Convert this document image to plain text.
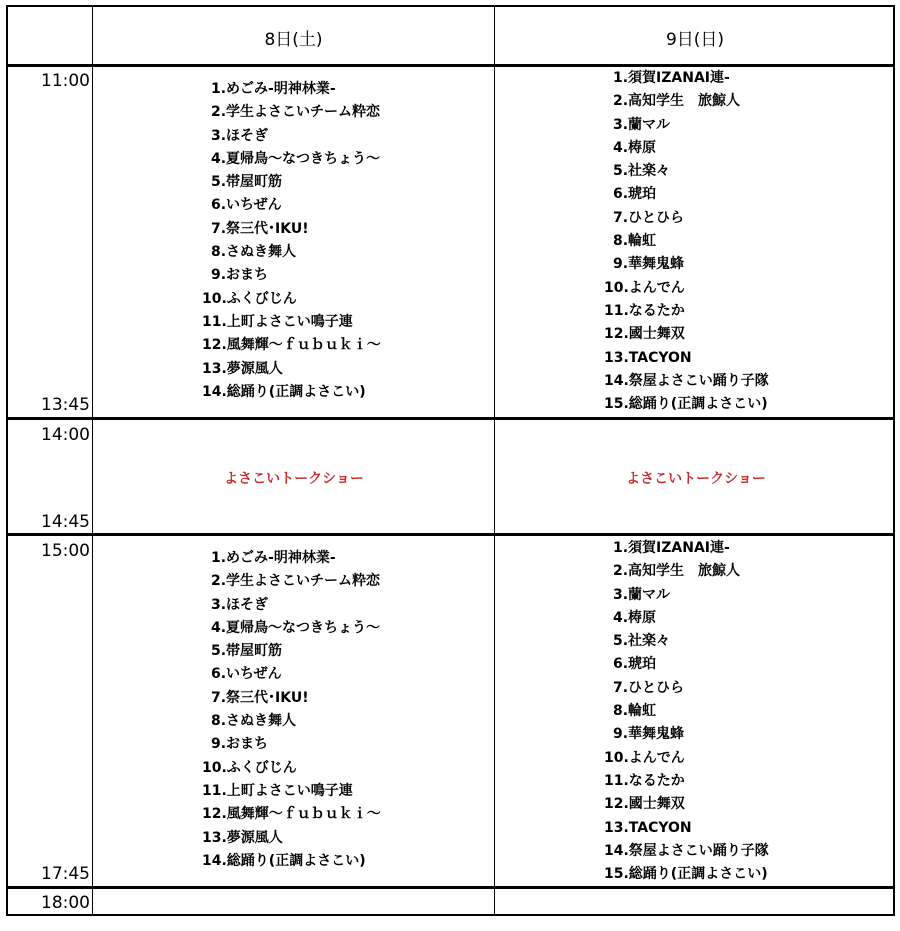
8日(土)	9日(日)
11:00
13:45
14:00
14:45
15:00
17:45
18:00
よさこいトークショー	よさこいトークショー
1.めごみ-明神林業-
2.学生よさこいチーム粋恋
3.ほそぎ
4.夏帰鳥～なつきちょう～
5.帯屋町筋
6.いちぜん
7.祭三代･IKU!
8.さぬき舞人
9.おまち
10.ふくびじん
11.上町よさこい鳴子連
12.風舞輝～ｆｕｂｕｋｉ～
13.夢源風人
14.総踊り(正調よさこい)
1.須賀IZANAI連-
2.高知学生　旅鯨人
3.蘭マル
4.梼原
5.社楽々
6.琥珀
7.ひとひら
8.輪虹
9.華舞鬼蜂
10.よんでん
11.なるたか
12.國士舞双
13.TACYON
14.祭屋よさこい踊り子隊
15.総踊り(正調よさこい)
1.めごみ-明神林業-
2.学生よさこいチーム粋恋
3.ほそぎ
4.夏帰鳥～なつきちょう～
5.帯屋町筋
6.いちぜん
7.祭三代･IKU!
8.さぬき舞人
9.おまち
10.ふくびじん
11.上町よさこい鳴子連
12.風舞輝～ｆｕｂｕｋｉ～
13.夢源風人
14.総踊り(正調よさこい)
1.須賀IZANAI連-
2.高知学生　旅鯨人
3.蘭マル
4.梼原
5.社楽々
6.琥珀
7.ひとひら
8.輪虹
9.華舞鬼蜂
10.よんでん
11.なるたか
12.國士舞双
13.TACYON
14.祭屋よさこい踊り子隊
15.総踊り(正調よさこい)
